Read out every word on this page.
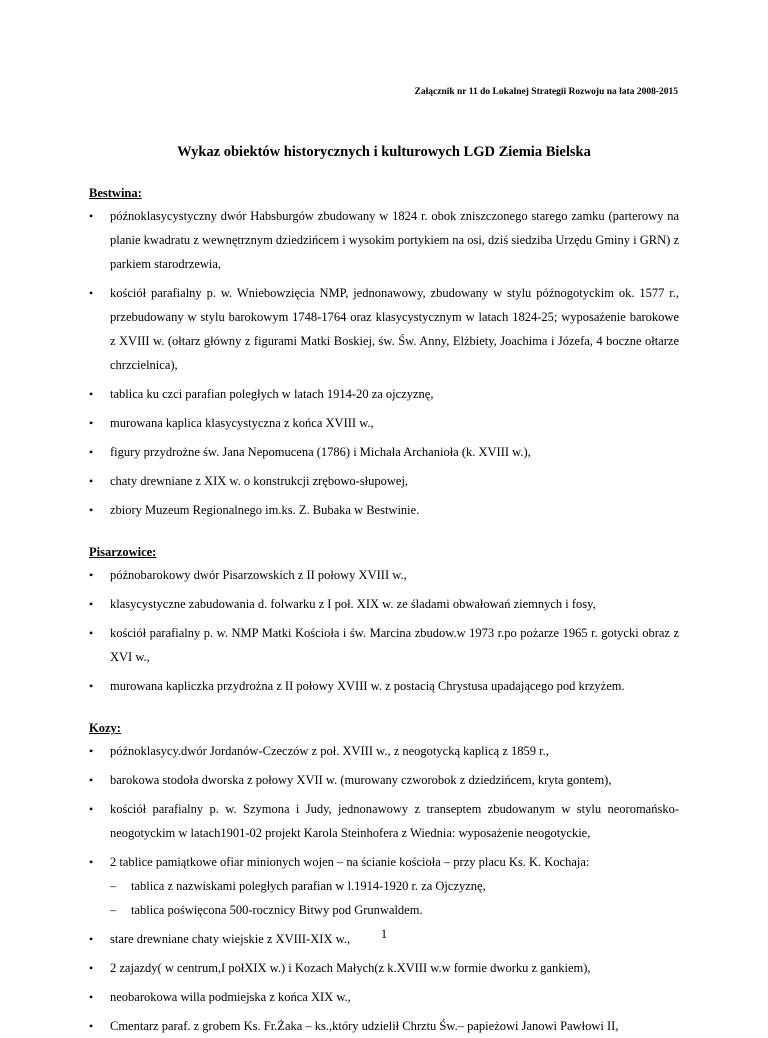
Załącznik nr 11 do Lokalnej Strategii Rozwoju na lata 2008-2015
Wykaz obiektów historycznych i kulturowych LGD Ziemia Bielska
Bestwina:
• późnoklasycystyczny dwór Habsburgów zbudowany w 1824 r. obok zniszczonego starego zamku (parterowy na planie kwadratu z wewnętrznym dziedzińcem i wysokim portykiem na osi, dziś siedziba Urzędu Gminy i GRN) z parkiem starodrzewia,
• kościół parafialny p. w. Wniebowzięcia NMP, jednonawowy, zbudowany w stylu późnogotyckim ok. 1577 r., przebudowany w stylu barokowym 1748-1764 oraz klasycystycznym w latach 1824-25; wyposażenie barokowe z XVIII w. (ołtarz główny z figurami Matki Boskiej, św. Św. Anny, Elżbiety, Joachima i Józefa, 4 boczne ołtarze chrzcielnica),
• tablica ku czci parafian poległych w latach 1914-20 za ojczyznę,
• murowana kaplica klasycystyczna z końca XVIII w.,
• figury przydrożne św. Jana Nepomucena (1786) i Michała Archanioła (k. XVIII w.),
• chaty drewniane z XIX w. o konstrukcji zrębowo-słupowej,
• zbiory Muzeum Regionalnego im.ks. Z. Bubaka w Bestwinie.
Pisarzowice:
• późnobarokowy dwór Pisarzowskich z II połowy XVIII w.,
• klasycystyczne zabudowania d. folwarku z I poł. XIX w. ze śladami obwałowań ziemnych i fosy,
• kościół parafialny p. w. NMP Matki Kościoła i św. Marcina zbudow.w 1973 r.po pożarze 1965 r. gotycki obraz z XVI w.,
• murowana kapliczka przydrożna z II połowy XVIII w. z postacią Chrystusa upadającego pod krzyżem.
Kozy:
• późnoklasycy.dwór Jordanów-Czeczów z poł. XVIII w., z neogotycką kaplicą z 1859 r.,
• barokowa stodoła dworska z połowy XVII w. (murowany czworobok z dziedzińcem, kryta gontem),
• kościół parafialny p. w. Szymona i Judy, jednonawowy z transeptem zbudowanym w stylu neoromańsko-neogotyckim w latach1901-02 projekt Karola Steinhofera z Wiednia: wyposażenie neogotyckie,
• 2 tablice pamiątkowe ofiar minionych wojen – na ścianie kościoła – przy placu Ks. K. Kochaja:
– tablica z nazwiskami poległych parafian w l.1914-1920 r. za Ojczyznę,
– tablica poświęcona 500-rocznicy Bitwy pod Grunwaldem.
• stare drewniane chaty wiejskie z XVIII-XIX w.,
• 2 zajazdy( w centrum,I połXIX w.) i Kozach Małych(z k.XVIII w.w formie dworku z gankiem),
• neobarokowa willa podmiejska z końca XIX w.,
• Cmentarz paraf. z grobem Ks. Fr.Żaka – ks.,który udzielił Chrztu Św.– papieżowi Janowi Pawłowi II,
1
